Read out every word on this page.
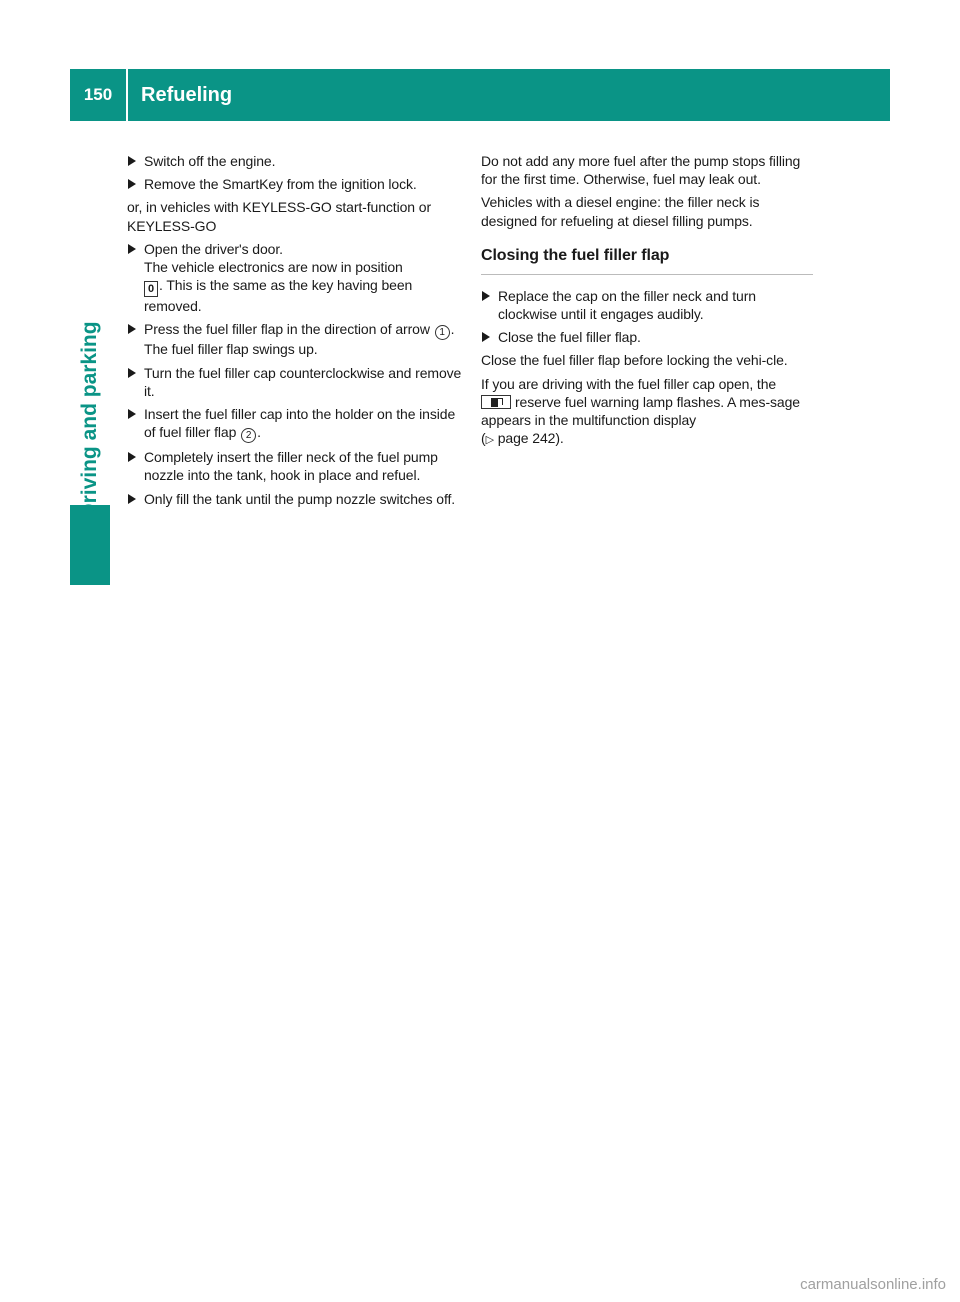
150	Refueling
Driving and parking
Switch off the engine.
Remove the SmartKey from the ignition lock.

or, in vehicles with KEYLESS-GO start-function or KEYLESS-GO

Open the driver's door.
The vehicle electronics are now in position
0 . This is the same as the key having been removed.
Press the fuel filler flap in the direction of arrow 1 .
The fuel filler flap swings up.
Turn the fuel filler cap counterclockwise and remove it.
Insert the fuel filler cap into the holder on the inside of fuel filler flap 2 .
Completely insert the filler neck of the fuel pump nozzle into the tank, hook in place and refuel.
Only fill the tank until the pump nozzle switches off.

Do not add any more fuel after the pump stops filling for the first time. Otherwise, fuel may leak out.

Vehicles with a diesel engine: the filler neck is designed for refueling at diesel filling pumps.

Closing the fuel filler flap
Replace the cap on the filler neck and turn clockwise until it engages audibly.
Close the fuel filler flap.

Close the fuel filler flap before locking the vehi-cle.

If you are driving with the fuel filler cap open, the

reserve fuel warning lamp flashes. A mes-sage appears in the multifunction display
(▷ page 242).

carmanualsonline.info
